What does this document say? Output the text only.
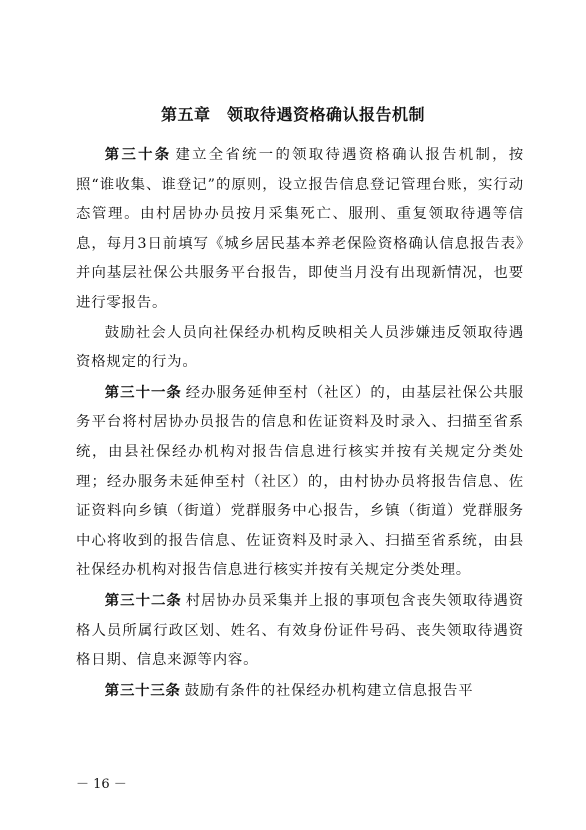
第五章　领取待遇资格确认报告机制

第三十条 建立全省统一的领取待遇资格确认报告机制，按照“谁收集、谁登记”的原则，设立报告信息登记管理台账，实行动态管理。由村居协办员按月采集死亡、服刑、重复领取待遇等信息，每月3日前填写《城乡居民基本养老保险资格确认信息报告表》并向基层社保公共服务平台报告，即使当月没有出现新情况，也要进行零报告。

鼓励社会人员向社保经办机构反映相关人员涉嫌违反领取待遇资格规定的行为。

第三十一条 经办服务延伸至村（社区）的，由基层社保公共服务平台将村居协办员报告的信息和佐证资料及时录入、扫描至省系统，由县社保经办机构对报告信息进行核实并按有关规定分类处理；经办服务未延伸至村（社区）的，由村协办员将报告信息、佐证资料向乡镇（街道）党群服务中心报告，乡镇（街道）党群服务中心将收到的报告信息、佐证资料及时录入、扫描至省系统，由县社保经办机构对报告信息进行核实并按有关规定分类处理。

第三十二条 村居协办员采集并上报的事项包含丧失领取待遇资格人员所属行政区划、姓名、有效身份证件号码、丧失领取待遇资格日期、信息来源等内容。

第三十三条 鼓励有条件的社保经办机构建立信息报告平

－ 16 －
